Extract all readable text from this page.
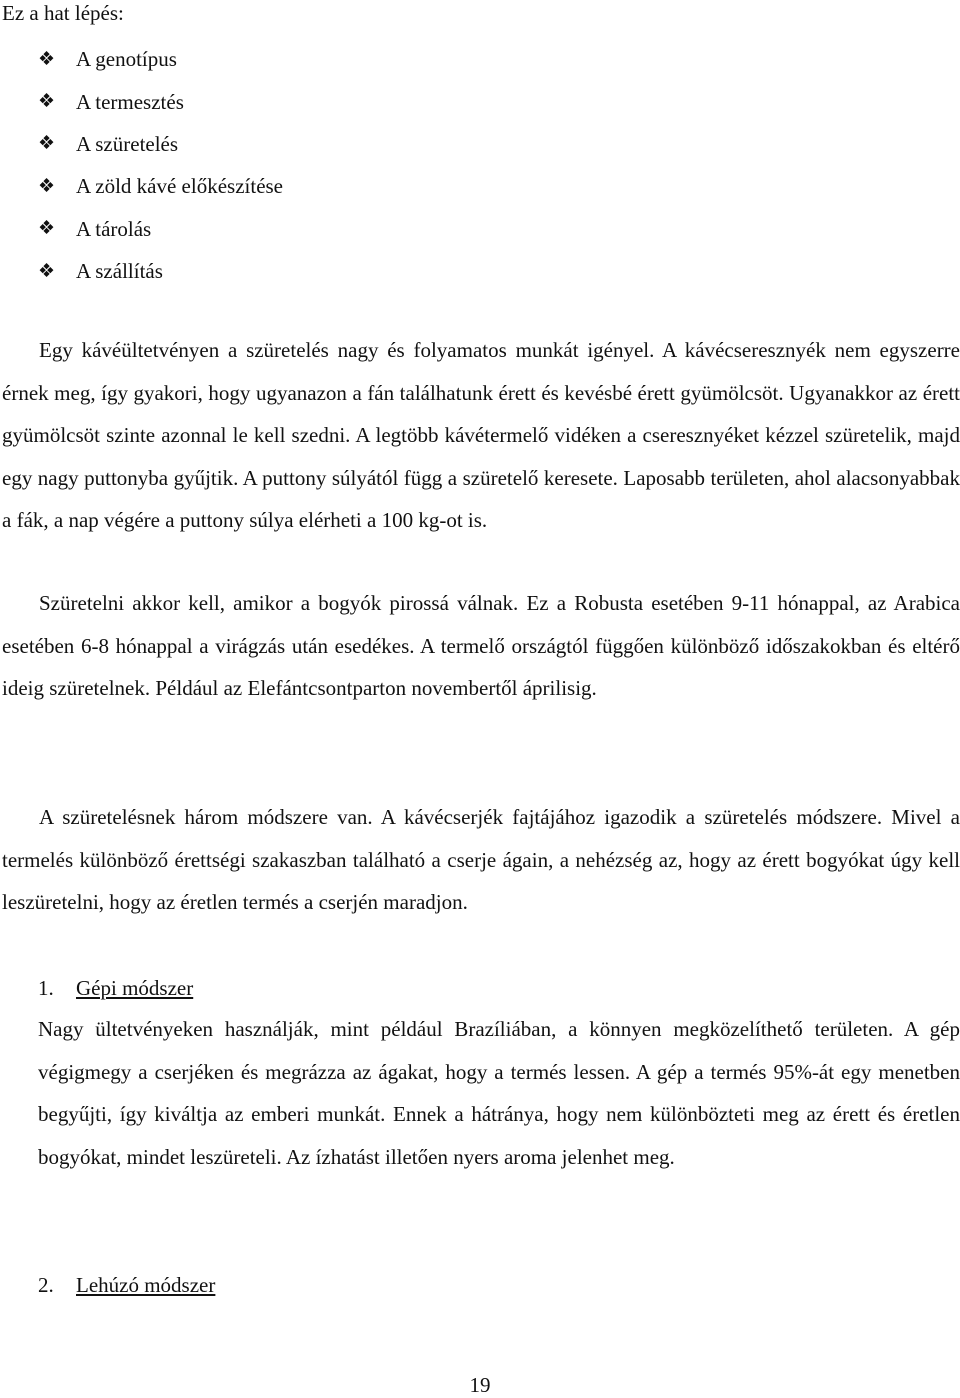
Ez a hat lépés:

❖ A genotípus
❖ A termesztés
❖ A szüretelés
❖ A zöld kávé előkészítése
❖ A tárolás
❖ A szállítás

Egy kávéültetvényen a szüretelés nagy és folyamatos munkát igényel. A kávécseresznyék nem egyszerre érnek meg, így gyakori, hogy ugyanazon a fán találhatunk érett és kevésbé érett gyümölcsöt. Ugyanakkor az érett gyümölcsöt szinte azonnal le kell szedni. A legtöbb kávétermelő vidéken a cseresznyéket kézzel szüretelik, majd egy nagy puttonyba gyűjtik. A puttony súlyától függ a szüretelő keresete. Laposabb területen, ahol alacsonyabbak a fák, a nap végére a puttony súlya elérheti a 100 kg-ot is.

Szüretelni akkor kell, amikor a bogyók pirossá válnak. Ez a Robusta esetében 9-11 hónappal, az Arabica esetében 6-8 hónappal a virágzás után esedékes. A termelő országtól függően különböző időszakokban és eltérő ideig szüretelnek. Például az Elefántcsontparton novembertől áprilisig.

A szüretelésnek három módszere van. A kávécserjék fajtájához igazodik a szüretelés módszere. Mivel a termelés különböző érettségi szakaszban található a cserje ágain, a nehézség az, hogy az érett bogyókat úgy kell leszüretelni, hogy az éretlen termés a cserjén maradjon.

1.	Gépi módszer

Nagy ültetvényeken használják, mint például Brazíliában, a könnyen megközelíthető területen. A gép végigmegy a cserjéken és megrázza az ágakat, hogy a termés lessen. A gép a termés 95%-át egy menetben begyűjti, így kiváltja az emberi munkát. Ennek a hátránya, hogy nem különbözteti meg az érett és éretlen bogyókat, mindet leszüreteli. Az ízhatást illetően nyers aroma jelenhet meg.

2.	Lehúzó módszer
19
